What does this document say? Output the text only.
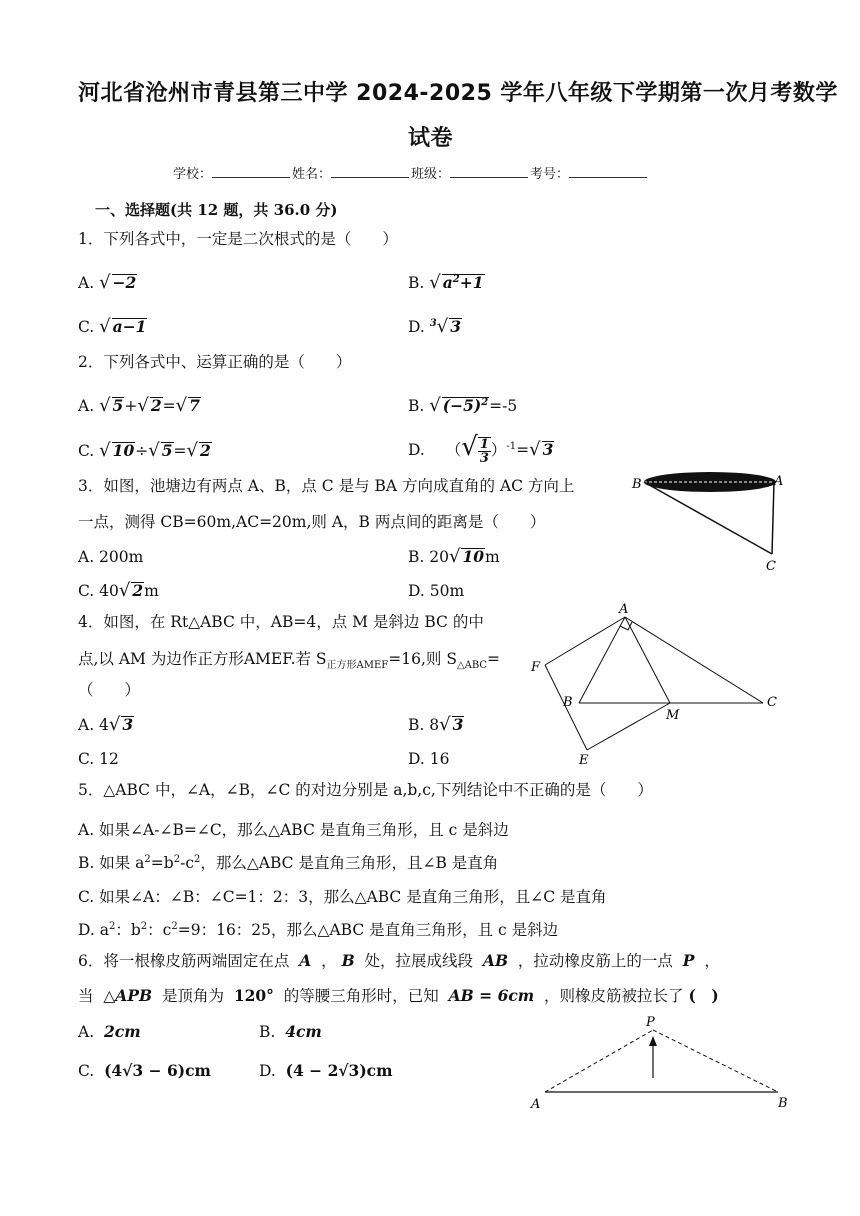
河北省沧州市青县第三中学 2024-2025 学年八年级下学期第一次月考数学
试卷
学校：	姓名：	班级：	考号：
一、选择题(共 12 题，共 36.0 分)
1．下列各式中，一定是二次根式的是（　　）
A. √ −2	B. √ $a^2+1$
C. √ a−1	D. $^3$√ 3
2．下列各式中、运算正确的是（　　）
A. √ 5+√ 2=√ 7	B. √ $(-5)^2=-5$
C. √ 10÷√ 5=√ 2	D. （√ $\frac{1}{3} )^{-1}=√$ 3
3．如图，池塘边有两点 A、B，点 C 是与 BA 方向成直角的 AC 方向上
一点，测得 CB=60m,AC=20m,则 A，B 两点间的距离是（　　）
A. 200m	B. 20√ 10m
C. 40√ 2m	D. 50m
B	A
C
4．如图，在 Rt△ABC 中，AB=4，点 M 是斜边 BC 的中
点,以 AM 为边作正方形AMEF.若 $S_{正方形AMEF}=16$,则 $S_{\triangle ABC}=$
（　　）
A. 4√ 3	B. 8√ 3
C. 12	D. 16
A
F
B	C
M
E
5．△ABC 中，∠A，∠B，∠C 的对边分别是 a,b,c,下列结论中不正确的是（　　）
A. 如果∠A-∠B=∠C，那么△ABC 是直角三角形，且 c 是斜边
B. 如果 $a^2=b^2-c^2$，那么△ABC 是直角三角形，且∠B 是直角
C. 如果∠A：∠B：∠C=1：2：3，那么△ABC 是直角三角形，且∠C 是直角
D. $a^2$：$b^2$：$c^2=9$：16：25，那么△ABC 是直角三角形，且 c 是斜边
6．将一根橡皮筋两端固定在点 A ， B 处，拉展成线段 AB ，拉动橡皮筋上的一点 P ，
当 △APB 是顶角为 120° 的等腰三角形时，已知 AB = 6cm ，则橡皮筋被拉长了 (　)
A. 2cm	B. 4cm
C. (4√3 − 6)cm	D. (4 − 2√3)cm
P
A	B
